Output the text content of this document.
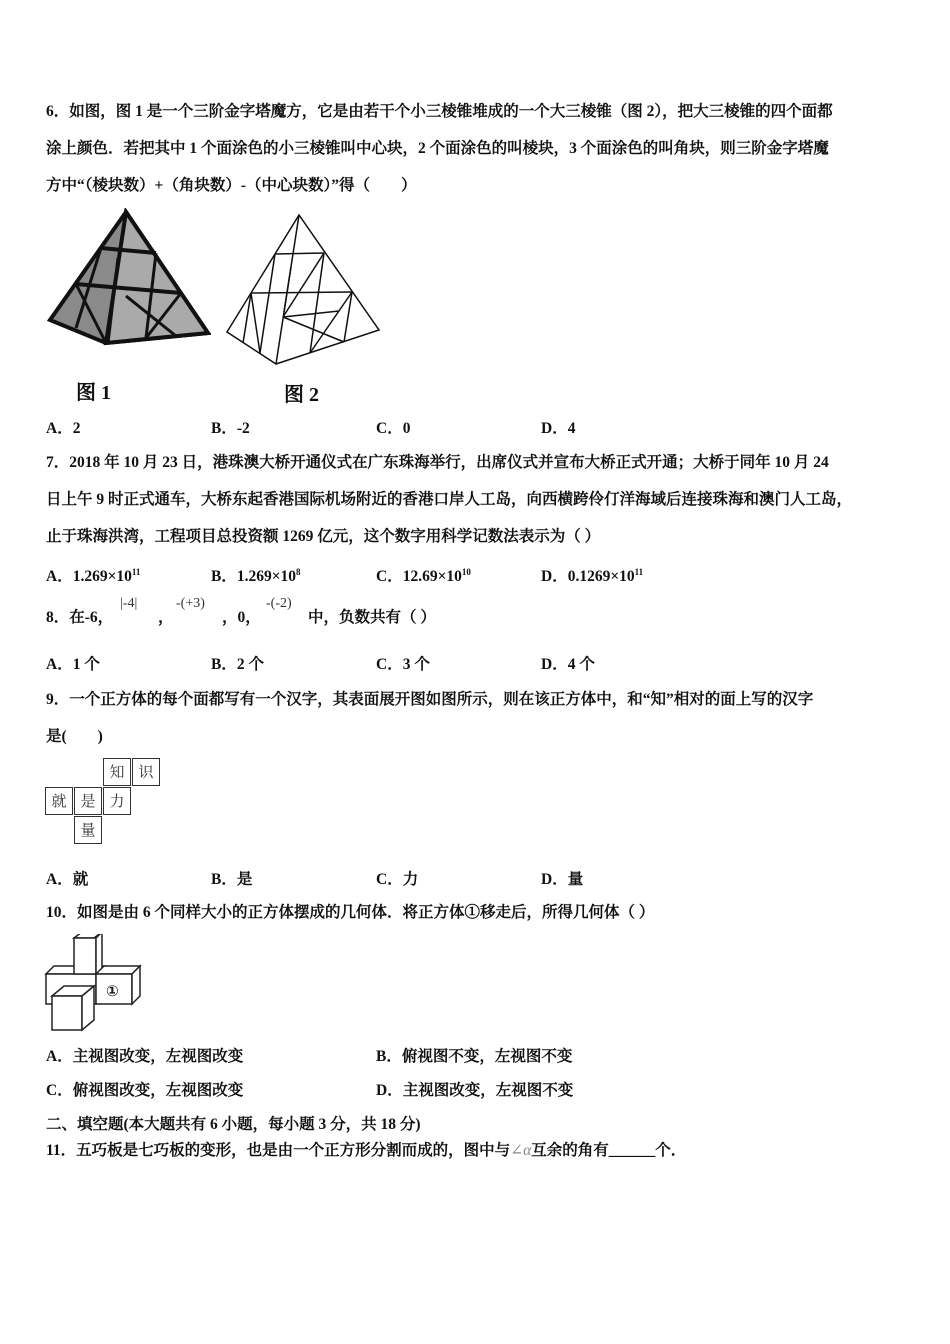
6．如图，图 1 是一个三阶金字塔魔方，它是由若干个小三棱锥堆成的一个大三棱锥（图 2），把大三棱锥的四个面都
涂上颜色．若把其中 1 个面涂色的小三棱锥叫中心块，2 个面涂色的叫棱块，3 个面涂色的叫角块，则三阶金字塔魔
方中“（棱块数）+（角块数）-（中心块数）”得（　　）
图 1	图 2
A．2	B．-2	C．0	D．4
7．2018 年 10 月 23 日，港珠澳大桥开通仪式在广东珠海举行，出席仪式并宣布大桥正式开通；大桥于同年 10 月 24
日上午 9 时正式通车，大桥东起香港国际机场附近的香港口岸人工岛，向西横跨伶仃洋海域后连接珠海和澳门人工岛，
止于珠海洪湾，工程项目总投资额 1269 亿元，这个数字用科学记数法表示为（ ）
A．$1.269\times 10^{11}$	B．$1.269\times 10^8$	C．$12.69\times 10^{10}$	D．$0.1269\times 10^{11}$
8．在-6，
|-4|
，
-(+3)
，0，
-(-2)
中，负数共有（ ）
A．1 个	B．2 个	C．3 个	D．4 个
9．一个正方体的每个面都写有一个汉字，其表面展开图如图所示，则在该正方体中，和“知”相对的面上写的汉字
是(　　)
知 识
就 是 力
量
A．就	B．是	C．力	D．量
10．如图是由 6 个同样大小的正方体摆成的几何体．将正方体①移走后，所得几何体（ ）
①
A．主视图改变，左视图改变	B．俯视图不变，左视图不变
C．俯视图改变，左视图改变	D．主视图改变，左视图不变
二、填空题(本大题共有 6 小题，每小题 3 分，共 18 分)
11．五巧板是七巧板的变形，也是由一个正方形分割而成的，图中与∠α互余的角有______个．
